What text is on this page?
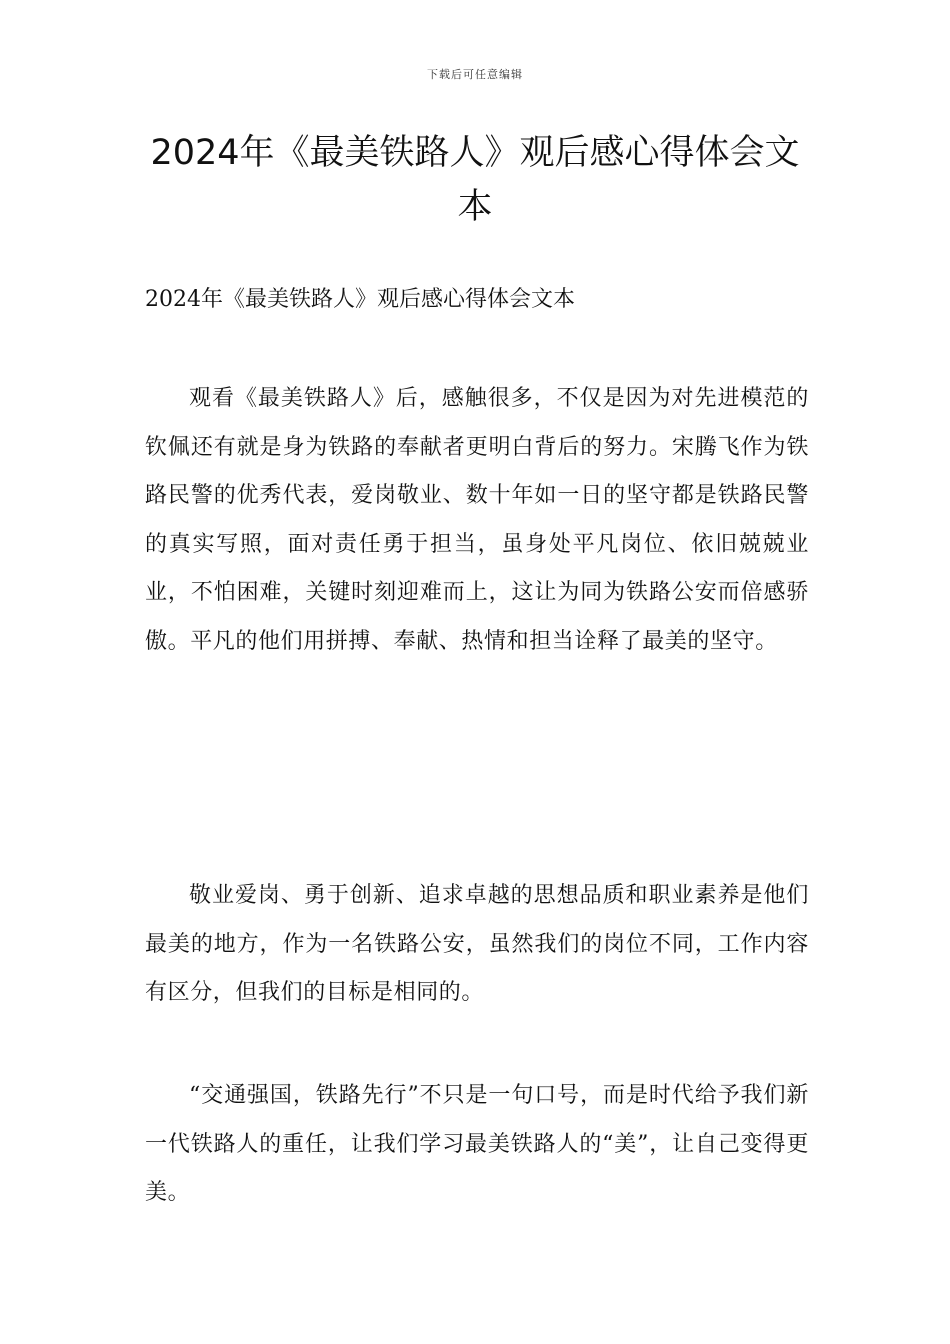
下载后可任意编辑
2024年《最美铁路人》观后感心得体会文本

2024年《最美铁路人》观后感心得体会文本

观看《最美铁路人》后，感触很多，不仅是因为对先进模范的钦佩还有就是身为铁路的奉献者更明白背后的努力。宋腾飞作为铁路民警的优秀代表，爱岗敬业、数十年如一日的坚守都是铁路民警的真实写照，面对责任勇于担当，虽身处平凡岗位、依旧兢兢业业，不怕困难，关键时刻迎难而上，这让为同为铁路公安而倍感骄傲。平凡的他们用拼搏、奉献、热情和担当诠释了最美的坚守。

敬业爱岗、勇于创新、追求卓越的思想品质和职业素养是他们最美的地方，作为一名铁路公安，虽然我们的岗位不同，工作内容有区分，但我们的目标是相同的。

“交通强国，铁路先行”不只是一句口号，而是时代给予我们新一代铁路人的重任，让我们学习最美铁路人的“美”，让自己变得更美。
